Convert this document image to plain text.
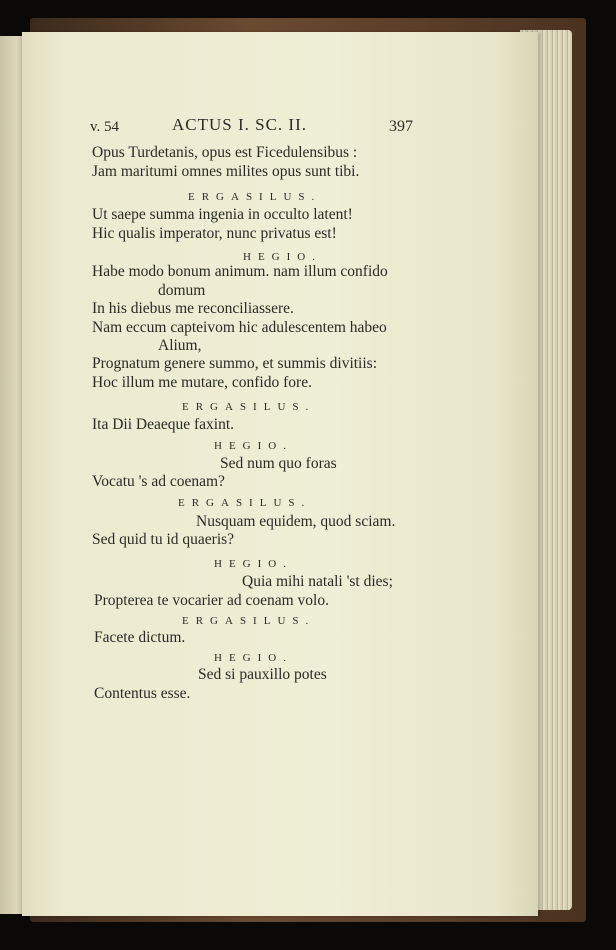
v. 54	ACTUS I. SC. II.	397
Opus Turdetanis, opus est Ficedulensibus :
Jam maritumi omnes milites opus sunt tibi.
ERGASILUS.
Ut saepe summa ingenia in occulto latent!
Hic qualis imperator, nunc privatus est!
HEGIO.
Habe modo bonum animum. nam illum confido
domum
In his diebus me reconciliassere.
Nam eccum capteivom hic adulescentem habeo
Alium,
Prognatum genere summo, et summis divitiis:
Hoc illum me mutare, confido fore.
ERGASILUS.
Ita Dii Deaeque faxint.
HEGIO.
Sed num quo foras
Vocatu 's ad coenam?
ERGASILUS.
Nusquam equidem, quod sciam.
Sed quid tu id quaeris?
HEGIO.
Quia mihi natali 'st dies;
Propterea te vocarier ad coenam volo.
ERGASILUS.
Facete dictum.
HEGIO.
Sed si pauxillo potes
Contentus esse.
